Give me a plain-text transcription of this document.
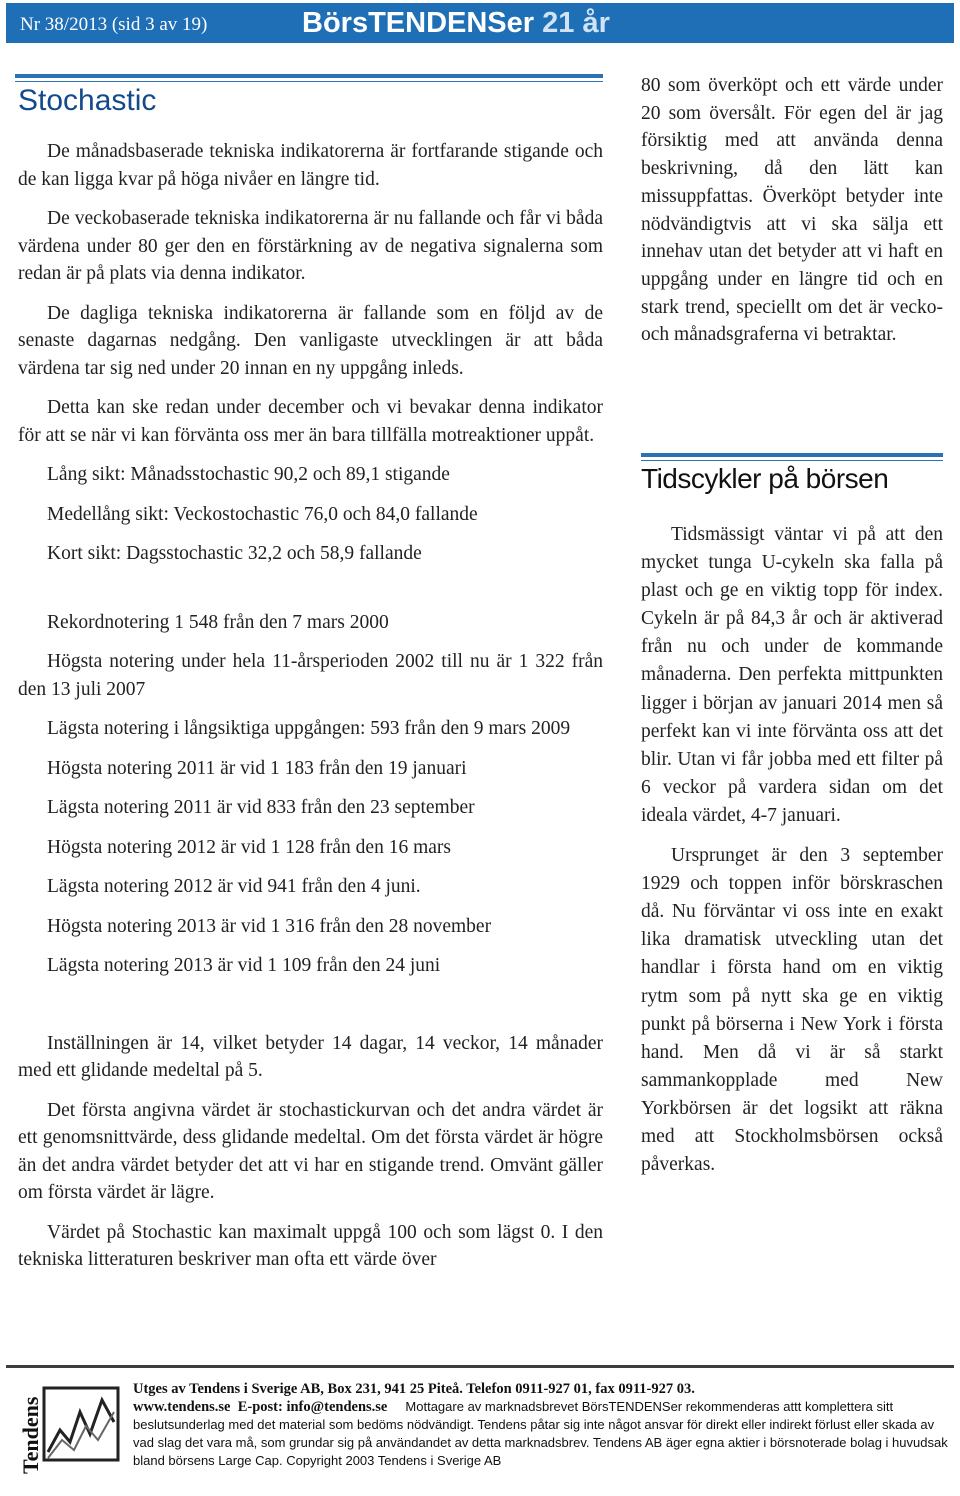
Nr 38/2013 (sid 3 av 19)	BörsTENDENSer 21 år
Stochastic

De månadsbaserade tekniska indikatorerna är fortfarande stigande och de kan ligga kvar på höga nivåer en längre tid.

De veckobaserade tekniska indikatorerna är nu fallande och får vi båda värdena under 80 ger den en förstärkning av de negativa signalerna som redan är på plats via denna indikator.

De dagliga tekniska indikatorerna är fallande som en följd av de senaste dagarnas nedgång. Den vanligaste utvecklingen är att båda värdena tar sig ned under 20 innan en ny uppgång inleds.

Detta kan ske redan under december och vi bevakar denna indikator för att se när vi kan förvänta oss mer än bara tillfälla motreaktioner uppåt.

Lång sikt: Månadsstochastic 90,2 och 89,1 stigande

Medellång sikt: Veckostochastic 76,0 och 84,0 fallande

Kort sikt: Dagsstochastic 32,2 och 58,9 fallande

Rekordnotering 1 548 från den 7 mars 2000

Högsta notering under hela 11-årsperioden 2002 till nu är 1 322 från den 13 juli 2007

Lägsta notering i långsiktiga uppgången: 593 från den 9 mars 2009

Högsta notering 2011 är vid 1 183 från den 19 januari

Lägsta notering 2011 är vid 833 från den 23 september

Högsta notering 2012 är vid 1 128 från den 16 mars

Lägsta notering 2012 är vid 941 från den 4 juni.

Högsta notering 2013 är vid 1 316 från den 28 november

Lägsta notering 2013 är vid 1 109 från den 24 juni

Inställningen är 14, vilket betyder 14 dagar, 14 veckor, 14 månader med ett glidande medeltal på 5.

Det första angivna värdet är stochastickurvan och det andra värdet är ett genomsnittvärde, dess glidande medeltal. Om det första värdet är högre än det andra värdet betyder det att vi har en stigande trend. Omvänt gäller om första värdet är lägre.

Värdet på Stochastic kan maximalt uppgå 100 och som lägst 0. I den tekniska litteraturen beskriver man ofta ett värde över

80 som överköpt och ett värde under 20 som översålt. För egen del är jag försiktig med att använda denna beskrivning, då den lätt kan missuppfattas. Överköpt betyder inte nödvändigtvis att vi ska sälja ett innehav utan det betyder att vi haft en uppgång under en längre tid och en stark trend, speciellt om det är vecko- och månadsgraferna vi betraktar.

Tidscykler på börsen

Tidsmässigt väntar vi på att den mycket tunga U-cykeln ska falla på plast och ge en viktig topp för index. Cykeln är på 84,3 år och är aktiverad från nu och under de kommande månaderna. Den perfekta mittpunkten ligger i början av januari 2014 men så perfekt kan vi inte förvänta oss att det blir. Utan vi får jobba med ett filter på 6 veckor på vardera sidan om det ideala värdet, 4-7 januari.

Ursprunget är den 3 september 1929 och toppen inför börskraschen då. Nu förväntar vi oss inte en exakt lika dramatisk utveckling utan det handlar i första hand om en viktig rytm som på nytt ska ge en viktig punkt på börserna i New York i första hand. Men då vi är så starkt sammankopplade med New Yorkbörsen är det logsikt att räkna med att Stockholmsbörsen också påverkas.

Tendens
Utges av Tendens i Sverige AB, Box 231, 941 25 Piteå. Telefon 0911-927 01, fax 0911-927 03.
www.tendens.se E-post: info@tendens.se Mottagare av marknadsbrevet BörsTENDENSer rekommenderas attt komplettera sitt beslutsunderlag med det material som bedöms nödvändigt. Tendens påtar sig inte något ansvar för direkt eller indirekt förlust eller skada av vad slag det vara må, som grundar sig på användandet av detta marknadsbrev. Tendens AB äger egna aktier i börsnoterade bolag i huvudsak bland börsens Large Cap. Copyright 2003 Tendens i Sverige AB
